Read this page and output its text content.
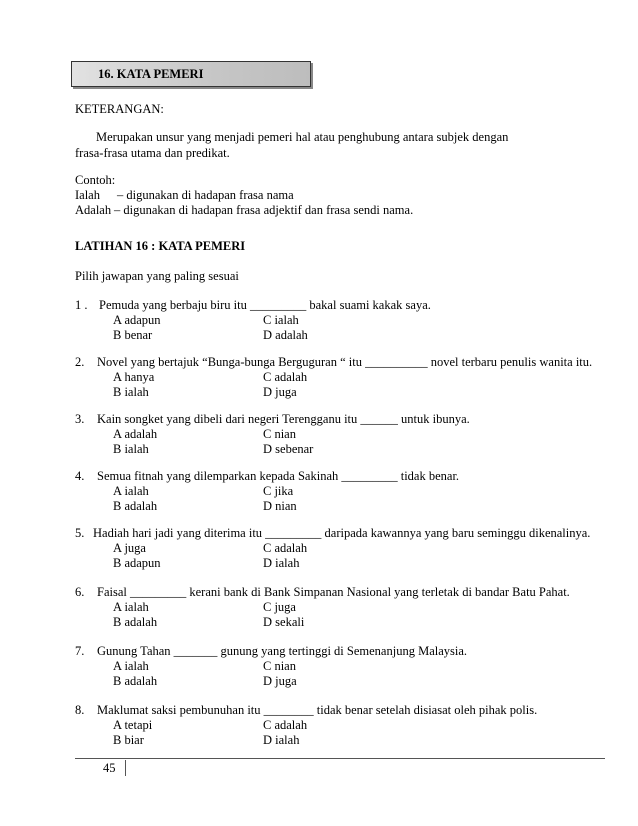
16. KATA PEMERI
KETERANGAN:
Merupakan unsur yang menjadi pemeri hal atau penghubung antara subjek dengan
frasa-frasa utama dan predikat.
Contoh:
Ialah – digunakan di hadapan frasa nama
Adalah – digunakan di hadapan frasa adjektif dan frasa sendi nama.
LATIHAN 16 : KATA PEMERI
Pilih jawapan yang paling sesuai
1 . Pemuda yang berbaju biru itu _________ bakal suami kakak saya.
A adapun	C ialah
B benar	D adalah
2. Novel yang bertajuk “Bunga-bunga Berguguran “ itu __________ novel terbaru penulis wanita itu.
A hanya	C adalah
B ialah	D juga
3. Kain songket yang dibeli dari negeri Terengganu itu ______ untuk ibunya.
A adalah	C nian
B ialah	D sebenar
4. Semua fitnah yang dilemparkan kepada Sakinah _________ tidak benar.
A ialah	C jika
B adalah	D nian
5. Hadiah hari jadi yang diterima itu _________ daripada kawannya yang baru seminggu dikenalinya.
A juga	C adalah
B adapun	D ialah
6. Faisal _________ kerani bank di Bank Simpanan Nasional yang terletak di bandar Batu Pahat.
A ialah	C juga
B adalah	D sekali
7. Gunung Tahan _______ gunung yang tertinggi di Semenanjung Malaysia.
A ialah	C nian
B adalah	D juga
8. Maklumat saksi pembunuhan itu ________ tidak benar setelah disiasat oleh pihak polis.
A tetapi	C adalah
B biar	D ialah
45
